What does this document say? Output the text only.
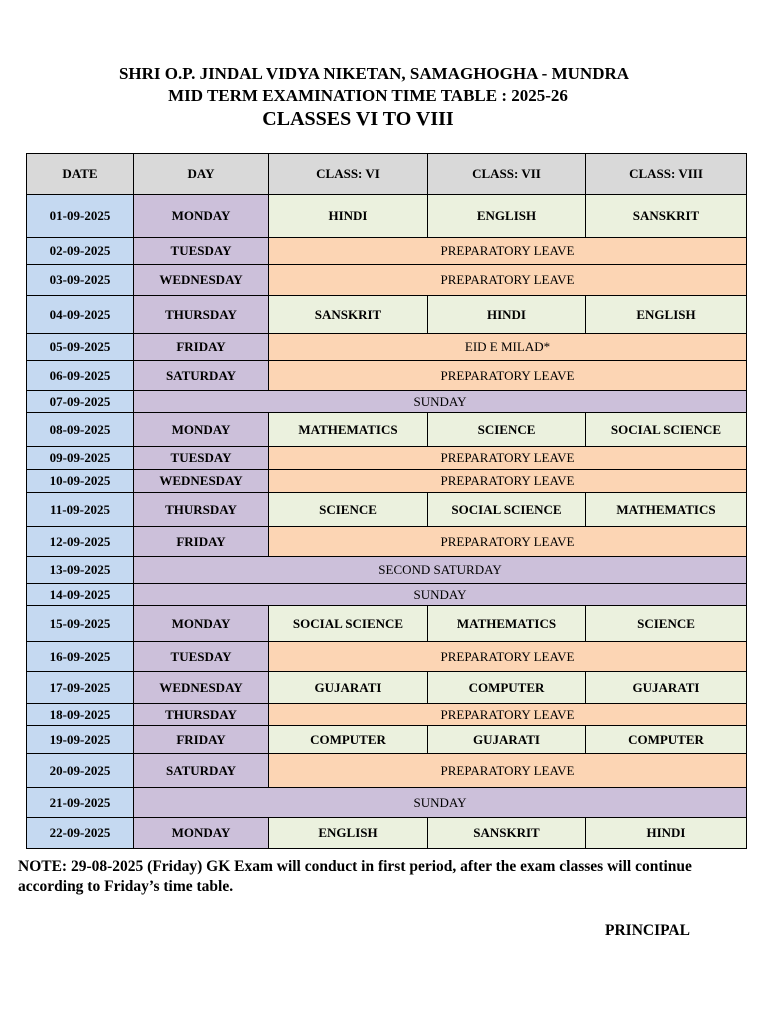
SHRI O.P. JINDAL VIDYA NIKETAN, SAMAGHOGHA - MUNDRA
MID TERM EXAMINATION TIME TABLE : 2025-26
CLASSES VI TO VIII
DATE	DAY	CLASS: VI	CLASS: VII	CLASS: VIII
01-09-2025	MONDAY	HINDI	ENGLISH	SANSKRIT
02-09-2025	TUESDAY	PREPARATORY LEAVE		
03-09-2025	WEDNESDAY	PREPARATORY LEAVE		
04-09-2025	THURSDAY	SANSKRIT	HINDI	ENGLISH
05-09-2025	FRIDAY	EID E MILAD*		
06-09-2025	SATURDAY	PREPARATORY LEAVE		
07-09-2025	SUNDAY			
08-09-2025	MONDAY	MATHEMATICS	SCIENCE	SOCIAL SCIENCE
09-09-2025	TUESDAY	PREPARATORY LEAVE		
10-09-2025	WEDNESDAY	PREPARATORY LEAVE		
11-09-2025	THURSDAY	SCIENCE	SOCIAL SCIENCE	MATHEMATICS
12-09-2025	FRIDAY	PREPARATORY LEAVE		
13-09-2025	SECOND SATURDAY			
14-09-2025	SUNDAY			
15-09-2025	MONDAY	SOCIAL SCIENCE	MATHEMATICS	SCIENCE
16-09-2025	TUESDAY	PREPARATORY LEAVE		
17-09-2025	WEDNESDAY	GUJARATI	COMPUTER	GUJARATI
18-09-2025	THURSDAY	PREPARATORY LEAVE		
19-09-2025	FRIDAY	COMPUTER	GUJARATI	COMPUTER
20-09-2025	SATURDAY	PREPARATORY LEAVE		
21-09-2025	SUNDAY			
22-09-2025	MONDAY	ENGLISH	SANSKRIT	HINDI

NOTE: 29-08-2025 (Friday) GK Exam will conduct in first period, after the exam classes will continue according to Friday’s time table.

PRINCIPAL
